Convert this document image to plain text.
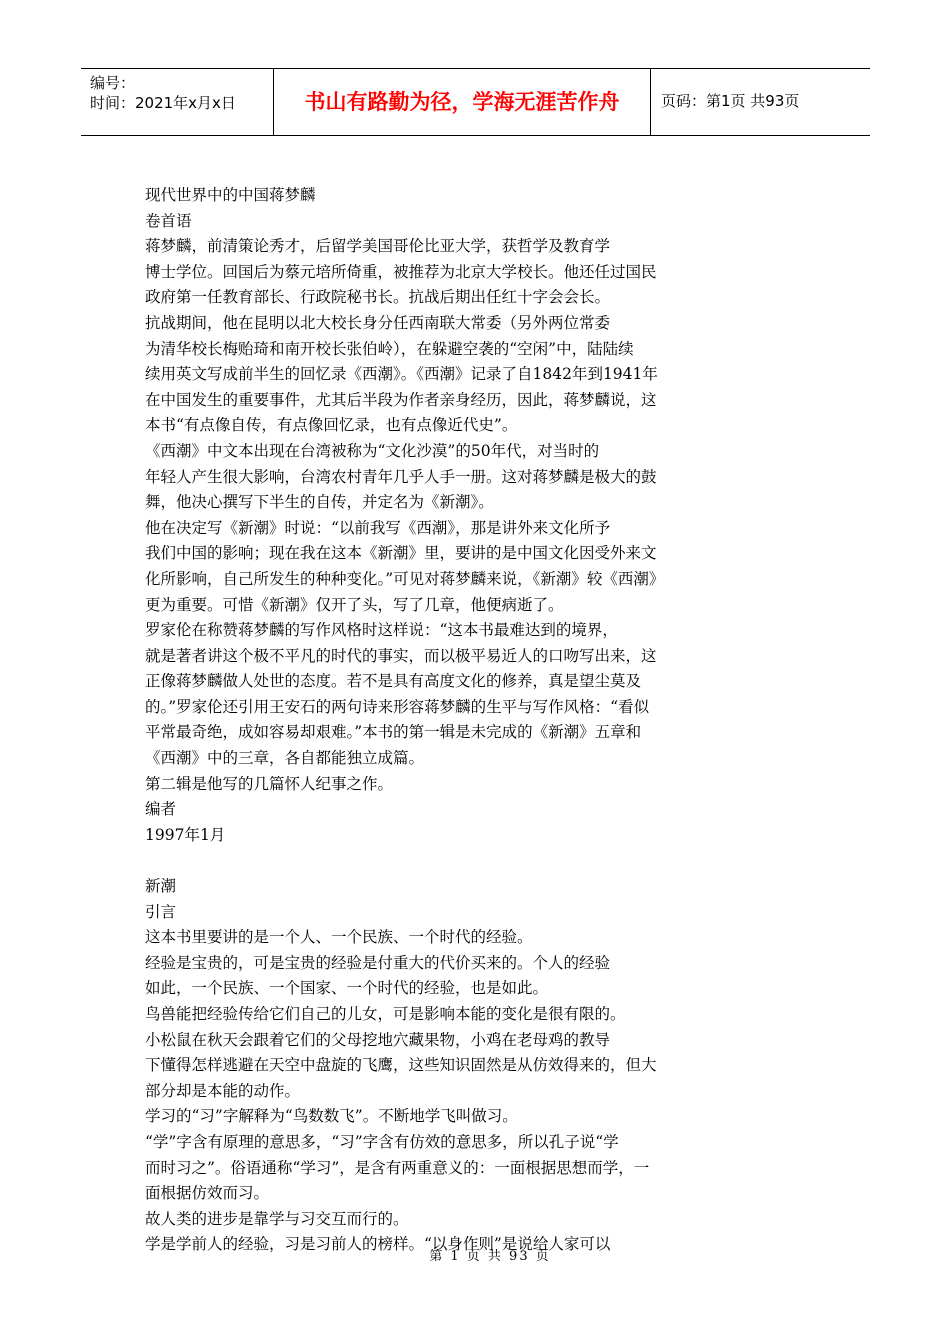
编号：
时间：2021年x月x日	书山有路勤为径，学海无涯苦作舟	页码：第1页 共93页
现代世界中的中国蒋梦麟
卷首语
蒋梦麟，前清策论秀才，后留学美国哥伦比亚大学，获哲学及教育学
博士学位。回国后为蔡元培所倚重，被推荐为北京大学校长。他还任过国民
政府第一任教育部长、行政院秘书长。抗战后期出任红十字会会长。
抗战期间，他在昆明以北大校长身分任西南联大常委（另外两位常委
为清华校长梅贻琦和南开校长张伯岭），在躲避空袭的“空闲”中，陆陆续
续用英文写成前半生的回忆录《西潮》。《西潮》记录了自1842年到1941年
在中国发生的重要事件，尤其后半段为作者亲身经历，因此，蒋梦麟说，这
本书“有点像自传，有点像回忆录，也有点像近代史”。
《西潮》中文本出现在台湾被称为“文化沙漠”的50年代，对当时的
年轻人产生很大影响，台湾农村青年几乎人手一册。这对蒋梦麟是极大的鼓
舞，他决心撰写下半生的自传，并定名为《新潮》。
他在决定写《新潮》时说：“以前我写《西潮》，那是讲外来文化所予
我们中国的影响；现在我在这本《新潮》里，要讲的是中国文化因受外来文
化所影响，自己所发生的种种变化。”可见对蒋梦麟来说，《新潮》较《西潮》
更为重要。可惜《新潮》仅开了头，写了几章，他便病逝了。
罗家伦在称赞蒋梦麟的写作风格时这样说：“这本书最难达到的境界，
就是著者讲这个极不平凡的时代的事实，而以极平易近人的口吻写出来，这
正像蒋梦麟做人处世的态度。若不是具有高度文化的修养，真是望尘莫及
的。”罗家伦还引用王安石的两句诗来形容蒋梦麟的生平与写作风格：“看似
平常最奇绝，成如容易却艰难。”本书的第一辑是未完成的《新潮》五章和
《西潮》中的三章，各自都能独立成篇。
第二辑是他写的几篇怀人纪事之作。
编者
1997年1月
新潮
引言
这本书里要讲的是一个人、一个民族、一个时代的经验。
经验是宝贵的，可是宝贵的经验是付重大的代价买来的。个人的经验
如此，一个民族、一个国家、一个时代的经验，也是如此。
鸟兽能把经验传给它们自己的儿女，可是影响本能的变化是很有限的。
小松鼠在秋天会跟着它们的父母挖地穴藏果物，小鸡在老母鸡的教导
下懂得怎样逃避在天空中盘旋的飞鹰，这些知识固然是从仿效得来的，但大
部分却是本能的动作。
学习的“习”字解释为“鸟数数飞”。不断地学飞叫做习。
“学”字含有原理的意思多，“习”字含有仿效的意思多，所以孔子说“学
而时习之”。俗语通称“学习”，是含有两重意义的：一面根据思想而学，一
面根据仿效而习。
故人类的进步是靠学与习交互而行的。
学是学前人的经验，习是习前人的榜样。“以身作则”是说给人家可以
第 1 页 共 93 页
